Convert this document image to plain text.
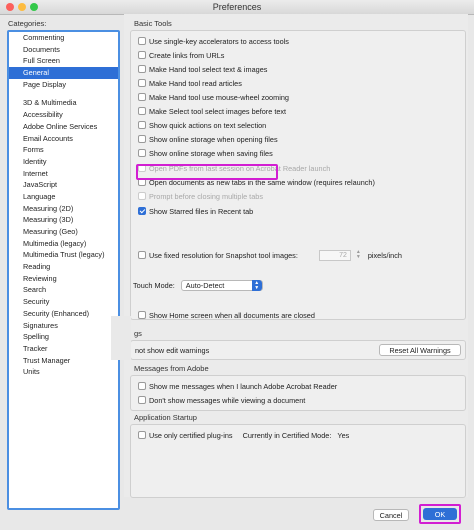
Preferences
Categories:
Commenting
Documents
Full Screen
General
Page Display
3D & Multimedia
Accessibility
Adobe Online Services
Email Accounts
Forms
Identity
Internet
JavaScript
Language
Measuring (2D)
Measuring (3D)
Measuring (Geo)
Multimedia (legacy)
Multimedia Trust (legacy)
Reading
Reviewing
Search
Security
Security (Enhanced)
Signatures
Spelling
Tracker
Trust Manager
Units
Basic Tools
Use single-key accelerators to access tools
Create links from URLs
Make Hand tool select text & images
Make Hand tool read articles
Make Hand tool use mouse-wheel zooming
Make Select tool select images before text
Show quick actions on text selection
Show online storage when opening files
Show online storage when saving files
Open PDFs from last session on Acrobat Reader launch
Open documents as new tabs in the same window (requires relaunch)
Prompt before closing multiple tabs
Show Starred files in Recent tab
Use fixed resolution for Snapshot tool images:	72	▲
▼ pixels/inch
Touch Mode: Auto-Detect	▲
▼
Show Home screen when all documents are closed
gs
not show edit warnings	Reset All Warnings
Messages from Adobe
Show me messages when I launch Adobe Acrobat Reader
Don't show messages while viewing a document
Application Startup
Use only certified plug-ins Currently in Certified Mode: Yes
Cancel	OK
